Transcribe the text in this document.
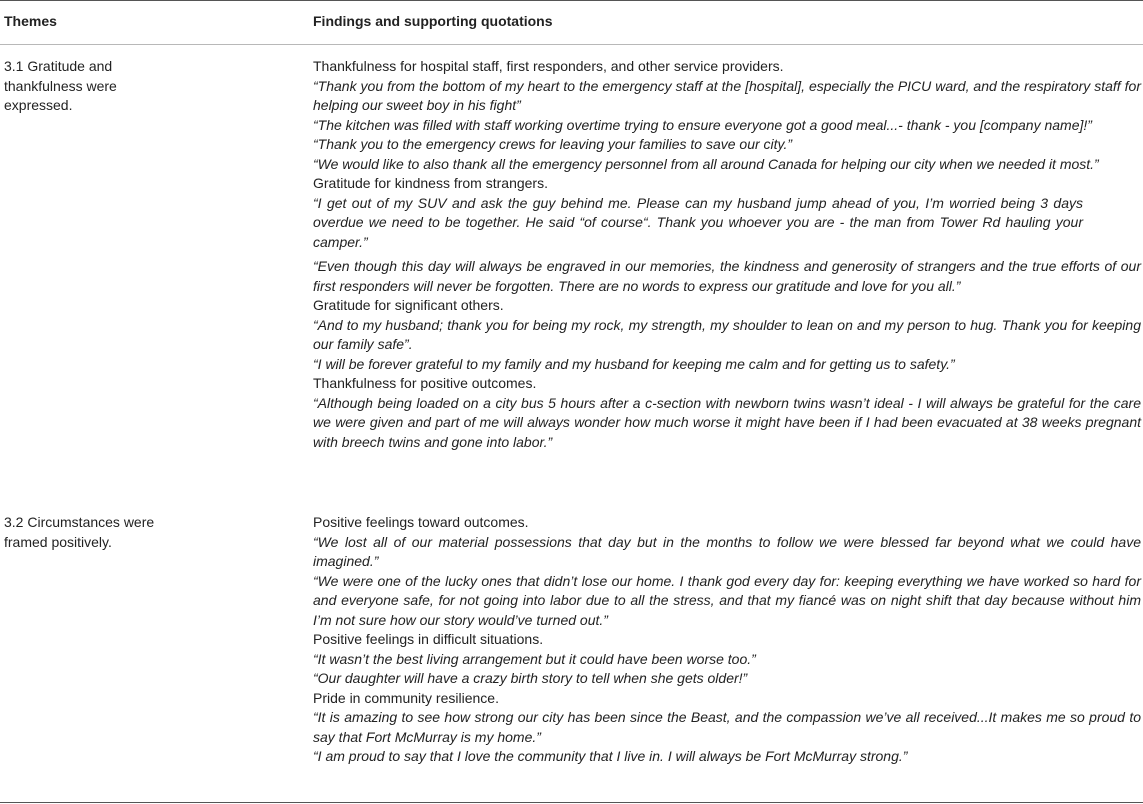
Themes	Findings and supporting quotations
3.1 Gratitude and
thankfulness were
expressed.
Thankfulness for hospital staff, first responders, and other service providers.
“Thank you from the bottom of my heart to the emergency staff at the [hospital], especially the PICU ward, and the respiratory staff for helping our sweet boy in his fight”
“The kitchen was filled with staff working overtime trying to ensure everyone got a good meal...- thank - you [company name]!”
“Thank you to the emergency crews for leaving your families to save our city.”
“We would like to also thank all the emergency personnel from all around Canada for helping our city when we needed it most.”
Gratitude for kindness from strangers.
“I get out of my SUV and ask the guy behind me. Please can my husband jump ahead of you, I’m worried being 3 days overdue we need to be together. He said “of course“. Thank you whoever you are - the man from Tower Rd hauling your camper.”
“Even though this day will always be engraved in our memories, the kindness and generosity of strangers and the true efforts of our first responders will never be forgotten. There are no words to express our gratitude and love for you all.”
Gratitude for significant others.
“And to my husband; thank you for being my rock, my strength, my shoulder to lean on and my person to hug. Thank you for keeping our family safe”.
“I will be forever grateful to my family and my husband for keeping me calm and for getting us to safety.”
Thankfulness for positive outcomes.
“Although being loaded on a city bus 5 hours after a c-section with newborn twins wasn’t ideal - I will always be grateful for the care we were given and part of me will always wonder how much worse it might have been if I had been evacuated at 38 weeks pregnant with breech twins and gone into labor.”
3.2 Circumstances were
framed positively.
Positive feelings toward outcomes.
“We lost all of our material possessions that day but in the months to follow we were blessed far beyond what we could have imagined.”
“We were one of the lucky ones that didn’t lose our home. I thank god every day for: keeping everything we have worked so hard for and everyone safe, for not going into labor due to all the stress, and that my fiancé was on night shift that day because without him I’m not sure how our story would’ve turned out.”
Positive feelings in difficult situations.
“It wasn’t the best living arrangement but it could have been worse too.”
“Our daughter will have a crazy birth story to tell when she gets older!”
Pride in community resilience.
“It is amazing to see how strong our city has been since the Beast, and the compassion we’ve all received...It makes me so proud to say that Fort McMurray is my home.”
“I am proud to say that I love the community that I live in. I will always be Fort McMurray strong.”
